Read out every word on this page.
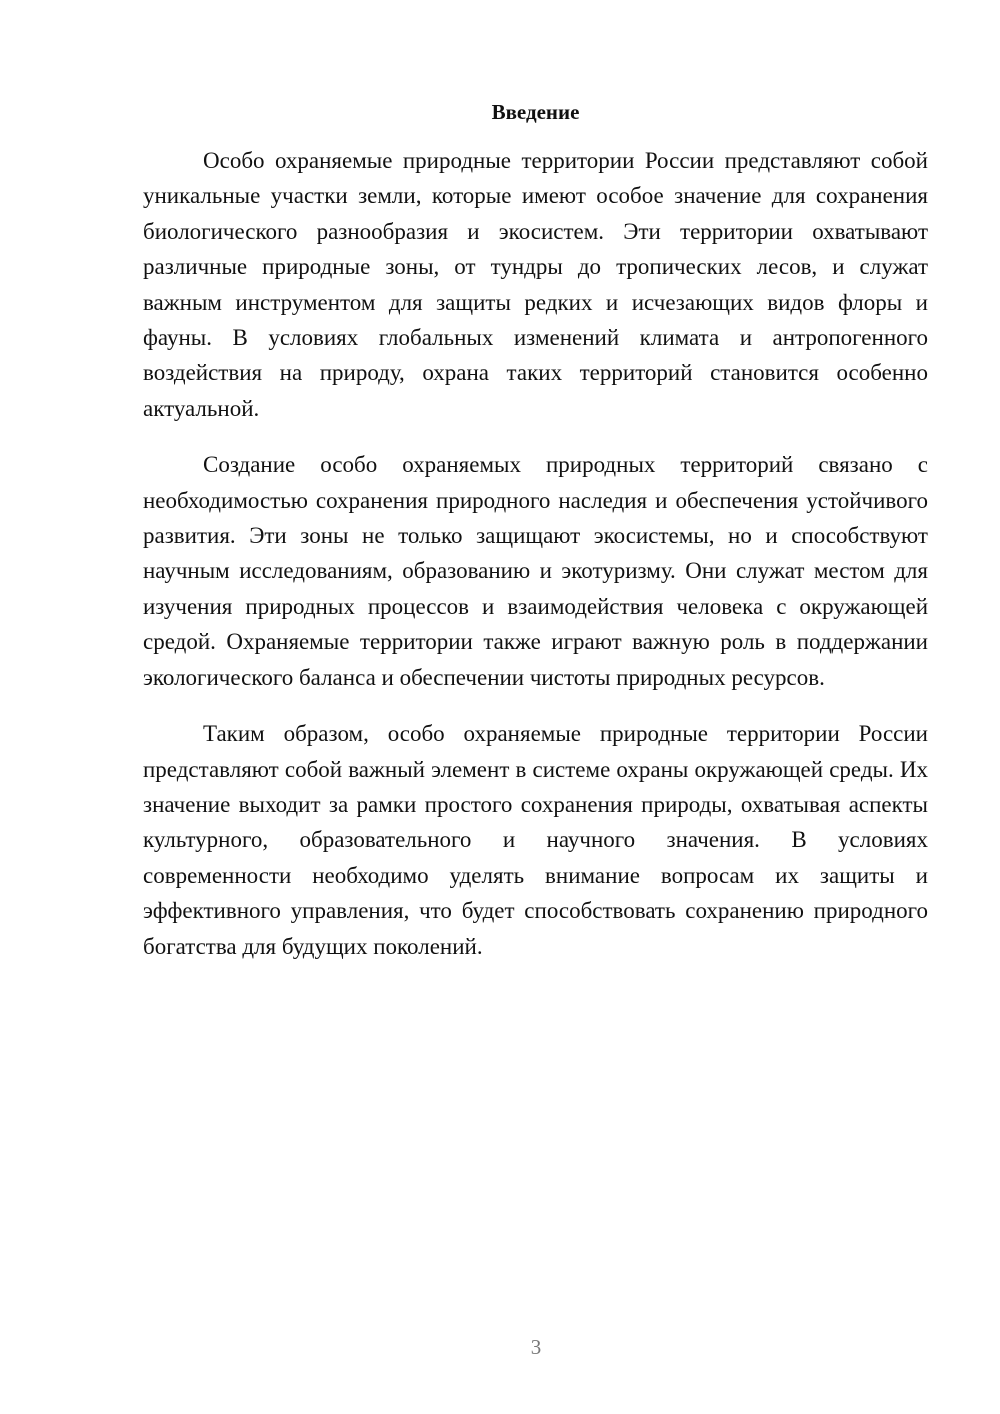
Введение

Особо охраняемые природные территории России представляют собой уникальные участки земли, которые имеют особое значение для сохранения биологического разнообразия и экосистем. Эти территории охватывают различные природные зоны, от тундры до тропических лесов, и служат важным инструментом для защиты редких и исчезающих видов флоры и фауны. В условиях глобальных изменений климата и антропогенного воздействия на природу, охрана таких территорий становится особенно актуальной.

Создание особо охраняемых природных территорий связано с необходимостью сохранения природного наследия и обеспечения устойчивого развития. Эти зоны не только защищают экосистемы, но и способствуют научным исследованиям, образованию и экотуризму. Они служат местом для изучения природных процессов и взаимодействия человека с окружающей средой. Охраняемые территории также играют важную роль в поддержании экологического баланса и обеспечении чистоты природных ресурсов.

Таким образом, особо охраняемые природные территории России представляют собой важный элемент в системе охраны окружающей среды. Их значение выходит за рамки простого сохранения природы, охватывая аспекты культурного, образовательного и научного значения. В условиях современности необходимо уделять внимание вопросам их защиты и эффективного управления, что будет способствовать сохранению природного богатства для будущих поколений.

3
